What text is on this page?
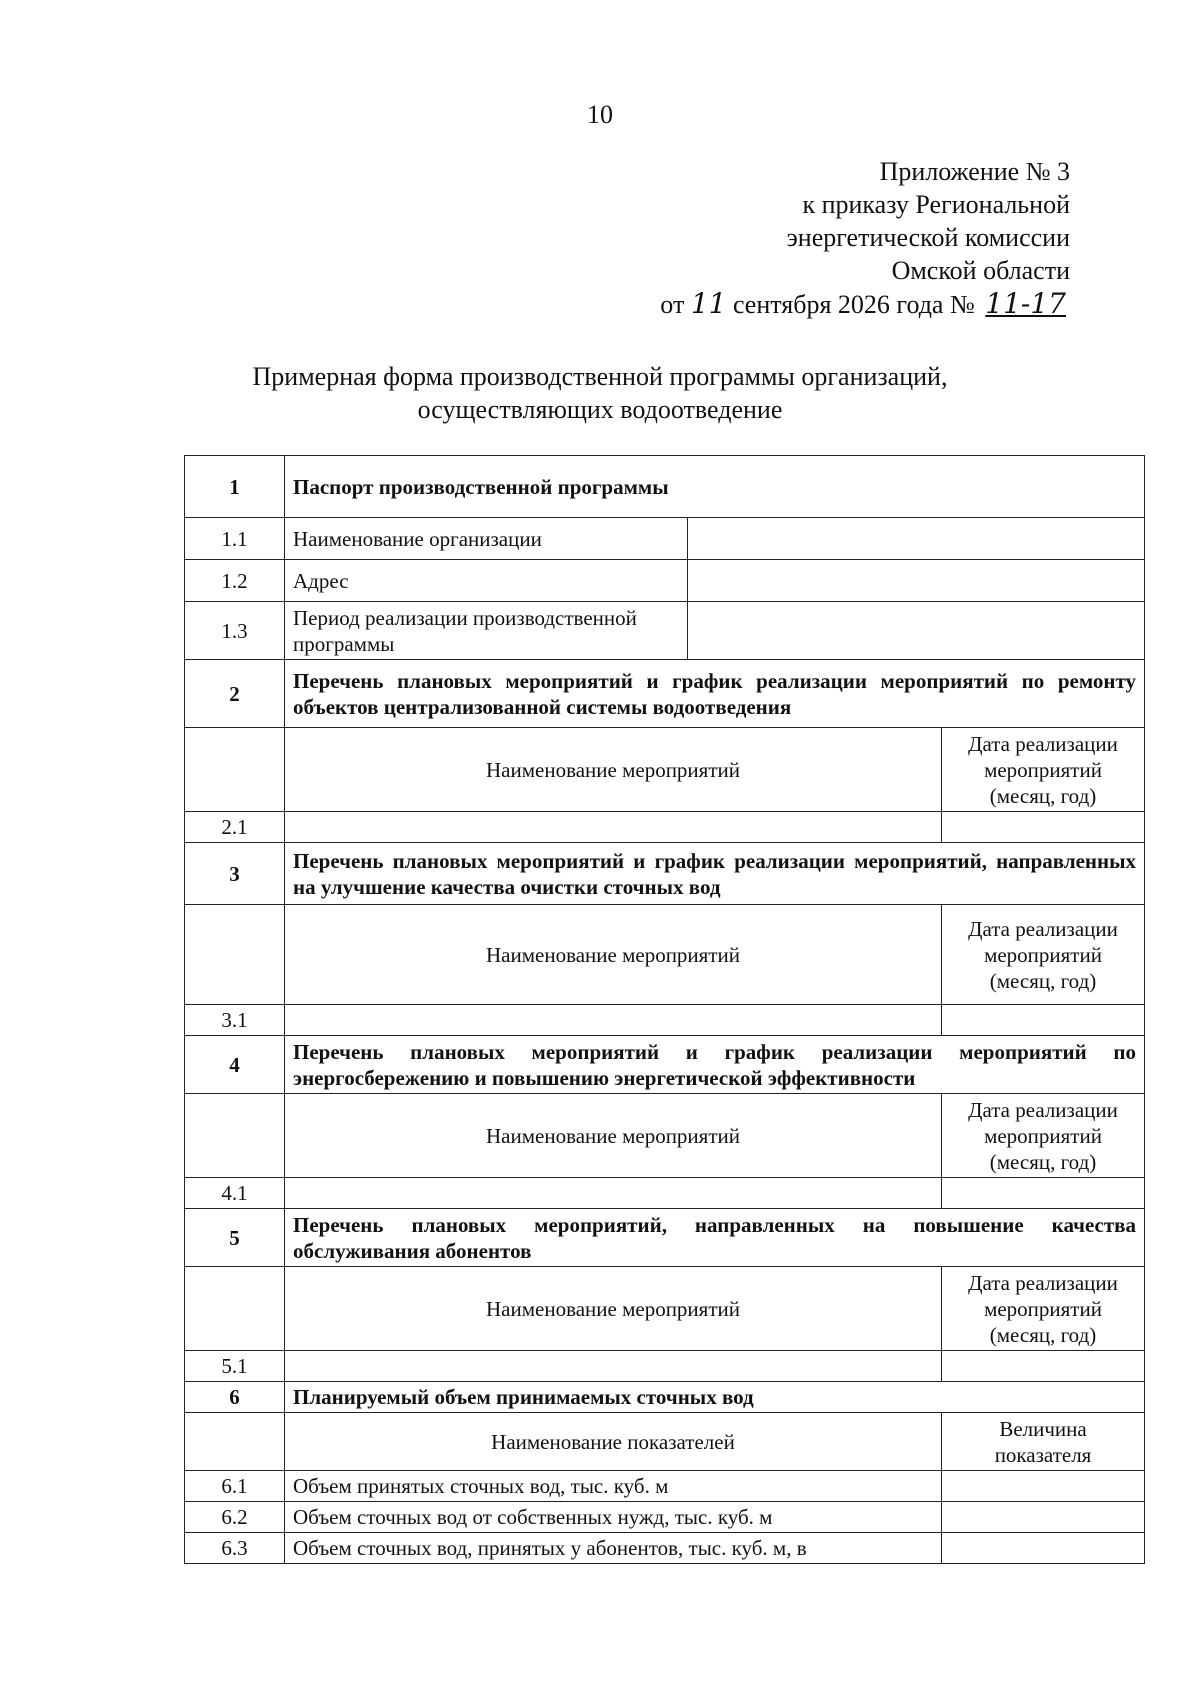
10
Приложение № 3
к приказу Региональной
энергетической комиссии
Омской области
от 11 сентября 2026 года № 11-17
Примерная форма производственной программы организаций,
осуществляющих водоотведение
1	Паспорт производственной программы		
1.1	Наименование организации		
1.2	Адрес		
1.3	Период реализации производственной программы		
2	Перечень плановых мероприятий и график реализации мероприятий по ремонту объектов централизованной системы водоотведения		
	Наименование мероприятий		Дата реализации мероприятий (месяц, год)
2.1			
3	Перечень плановых мероприятий и график реализации мероприятий, направленных на улучшение качества очистки сточных вод		
	Наименование мероприятий		Дата реализации мероприятий (месяц, год)
3.1			
4	Перечень плановых мероприятий и график реализации мероприятий по энергосбережению и повышению энергетической эффективности		
	Наименование мероприятий		Дата реализации мероприятий (месяц, год)
4.1			
5	Перечень плановых мероприятий, направленных на повышение качества обслуживания абонентов		
	Наименование мероприятий		Дата реализации мероприятий (месяц, год)
5.1			
6	Планируемый объем принимаемых сточных вод		
	Наименование показателей		Величина показателя
6.1	Объем принятых сточных вод, тыс. куб. м		
6.2	Объем сточных вод от собственных нужд, тыс. куб. м		
6.3	Объем сточных вод, принятых у абонентов, тыс. куб. м, в		
